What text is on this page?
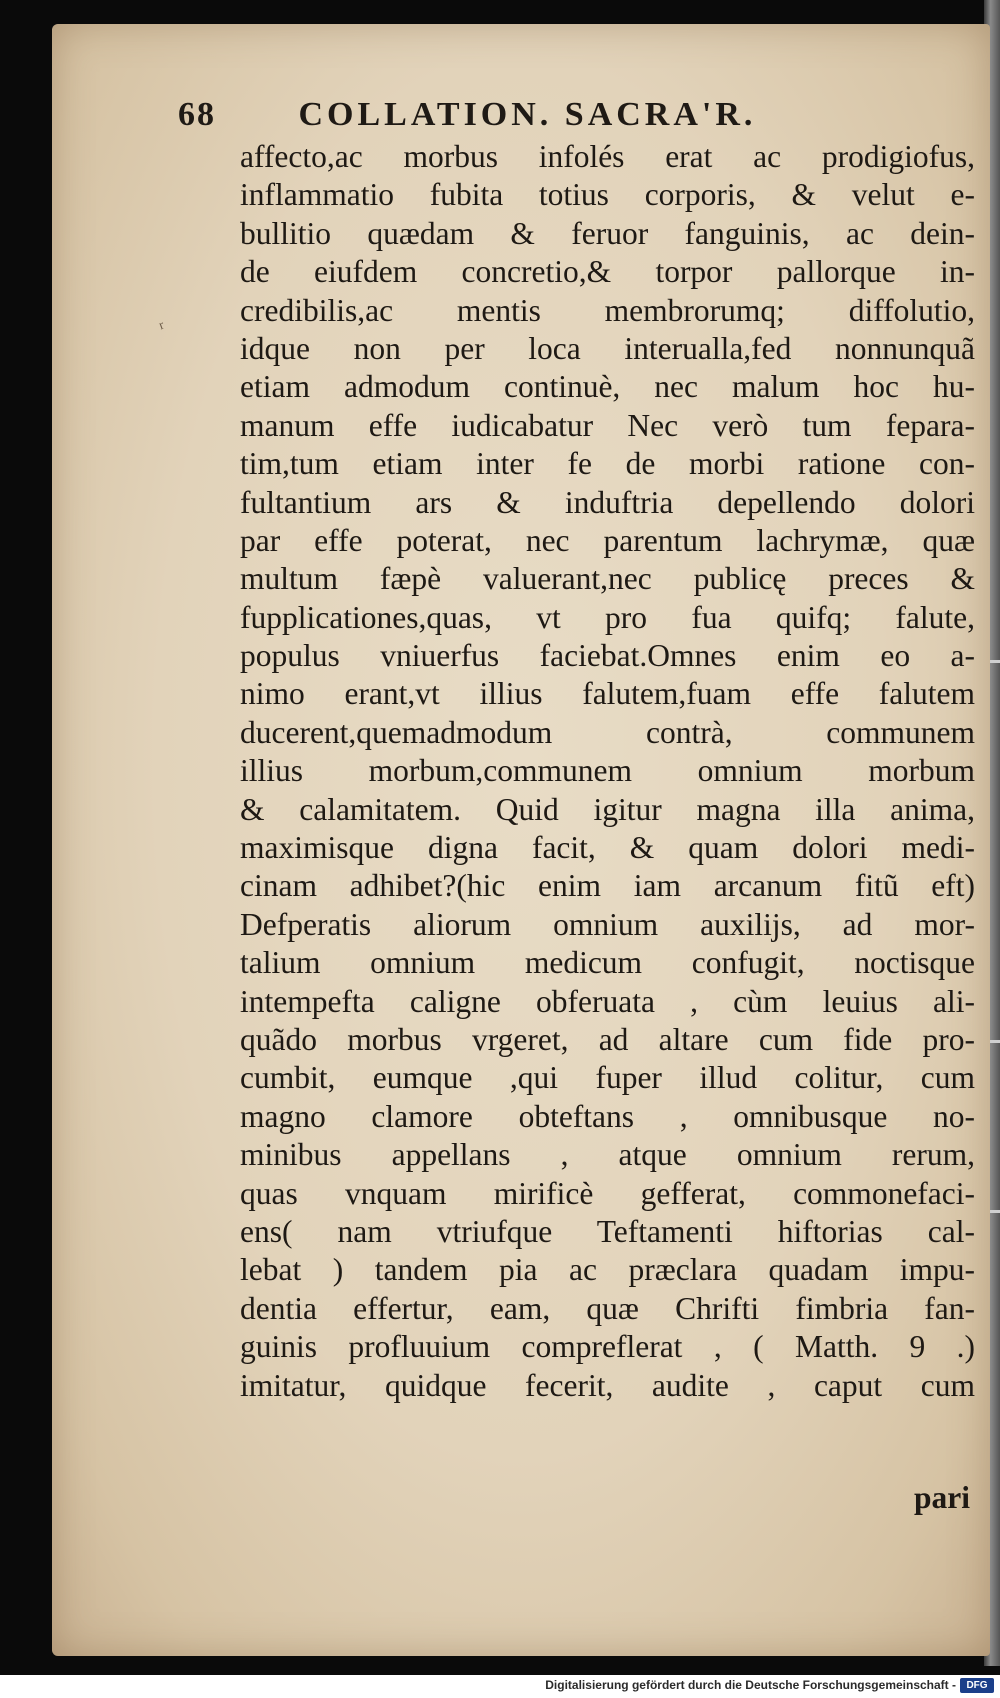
ʳ
68 COLLATION. SACRA'R.
affecto,ac morbus infolés erat ac prodigiofus,
inflammatio fubita totius corporis, & velut e-
bullitio quædam & feruor fanguinis, ac dein-
de eiufdem concretio,& torpor pallorque in-
credibilis,ac mentis membrorumq; diffolutio,
idque non per loca interualla,fed nonnunquã
etiam admodum continuè, nec malum hoc hu-
manum effe iudicabatur Nec verò tum fepara-
tim,tum etiam inter fe de morbi ratione con-
fultantium ars & induftria depellendo dolori
par effe poterat, nec parentum lachrymæ, quæ
multum fæpè valuerant,nec publicę preces &
fupplicationes,quas, vt pro fua quifq; falute,
populus vniuerfus faciebat.Omnes enim eo a-
nimo erant,vt illius falutem,fuam effe falutem
ducerent,quemadmodum contrà, communem
illius morbum,communem omnium morbum
& calamitatem. Quid igitur magna illa anima,
maximisque digna facit, & quam dolori medi-
cinam adhibet?(hic enim iam arcanum fitũ eft)
Defperatis aliorum omnium auxilijs, ad mor-
talium omnium medicum confugit, noctisque
intempefta caligne obferuata , cùm leuius ali-
quãdo morbus vrgeret, ad altare cum fide pro-
cumbit, eumque ,qui fuper illud colitur, cum
magno clamore obteftans , omnibusque no-
minibus appellans , atque omnium rerum,
quas vnquam mirificè gefferat, commonefaci-
ens( nam vtriufque Teftamenti hiftorias cal-
lebat ) tandem pia ac præclara quadam impu-
dentia effertur, eam, quæ Chrifti fimbria fan-
guinis profluuium compreflerat , ( Matth. 9 .)
imitatur, quidque fecerit, audite , caput cum
pari
Digitalisierung gefördert durch die Deutsche Forschungsgemeinschaft -	DFG
